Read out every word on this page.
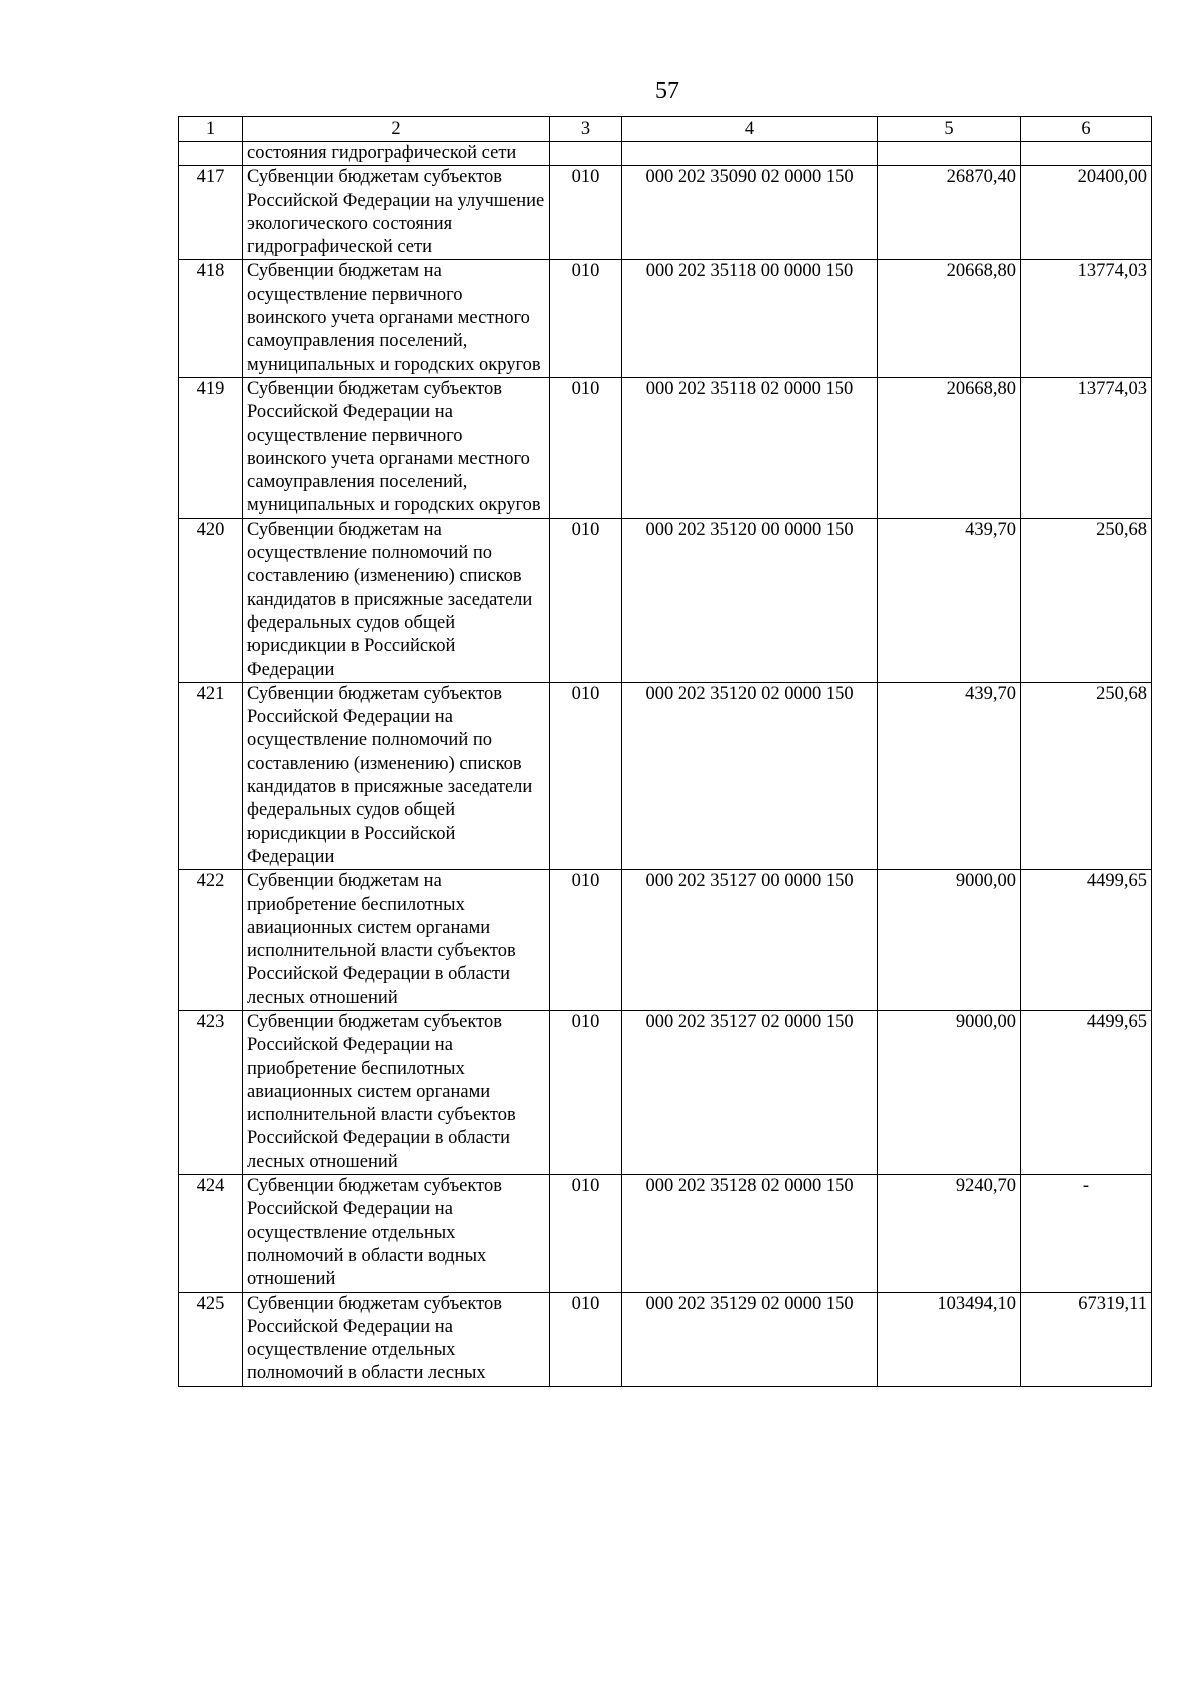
57
1	2	3	4	5	6
	состояния гидрографической сети				
417	Субвенции бюджетам субъектов Российской Федерации на улучшение экологического состояния гидрографической сети	010	000 202 35090 02 0000 150	26870,40	20400,00
418	Субвенции бюджетам на осуществление первичного воинского учета органами местного самоуправления поселений, муниципальных и городских округов	010	000 202 35118 00 0000 150	20668,80	13774,03
419	Субвенции бюджетам субъектов Российской Федерации на осуществление первичного воинского учета органами местного самоуправления поселений, муниципальных и городских округов	010	000 202 35118 02 0000 150	20668,80	13774,03
420	Субвенции бюджетам на осуществление полномочий по составлению (изменению) списков кандидатов в присяжные заседатели федеральных судов общей юрисдикции в Российской Федерации	010	000 202 35120 00 0000 150	439,70	250,68
421	Субвенции бюджетам субъектов Российской Федерации на осуществление полномочий по составлению (изменению) списков кандидатов в присяжные заседатели федеральных судов общей юрисдикции в Российской Федерации	010	000 202 35120 02 0000 150	439,70	250,68
422	Субвенции бюджетам на приобретение беспилотных авиационных систем органами исполнительной власти субъектов Российской Федерации в области лесных отношений	010	000 202 35127 00 0000 150	9000,00	4499,65
423	Субвенции бюджетам субъектов Российской Федерации на приобретение беспилотных авиационных систем органами исполнительной власти субъектов Российской Федерации в области лесных отношений	010	000 202 35127 02 0000 150	9000,00	4499,65
424	Субвенции бюджетам субъектов Российской Федерации на осуществление отдельных полномочий в области водных отношений	010	000 202 35128 02 0000 150	9240,70	-
425	Субвенции бюджетам субъектов Российской Федерации на осуществление отдельных полномочий в области лесных	010	000 202 35129 02 0000 150	103494,10	67319,11
